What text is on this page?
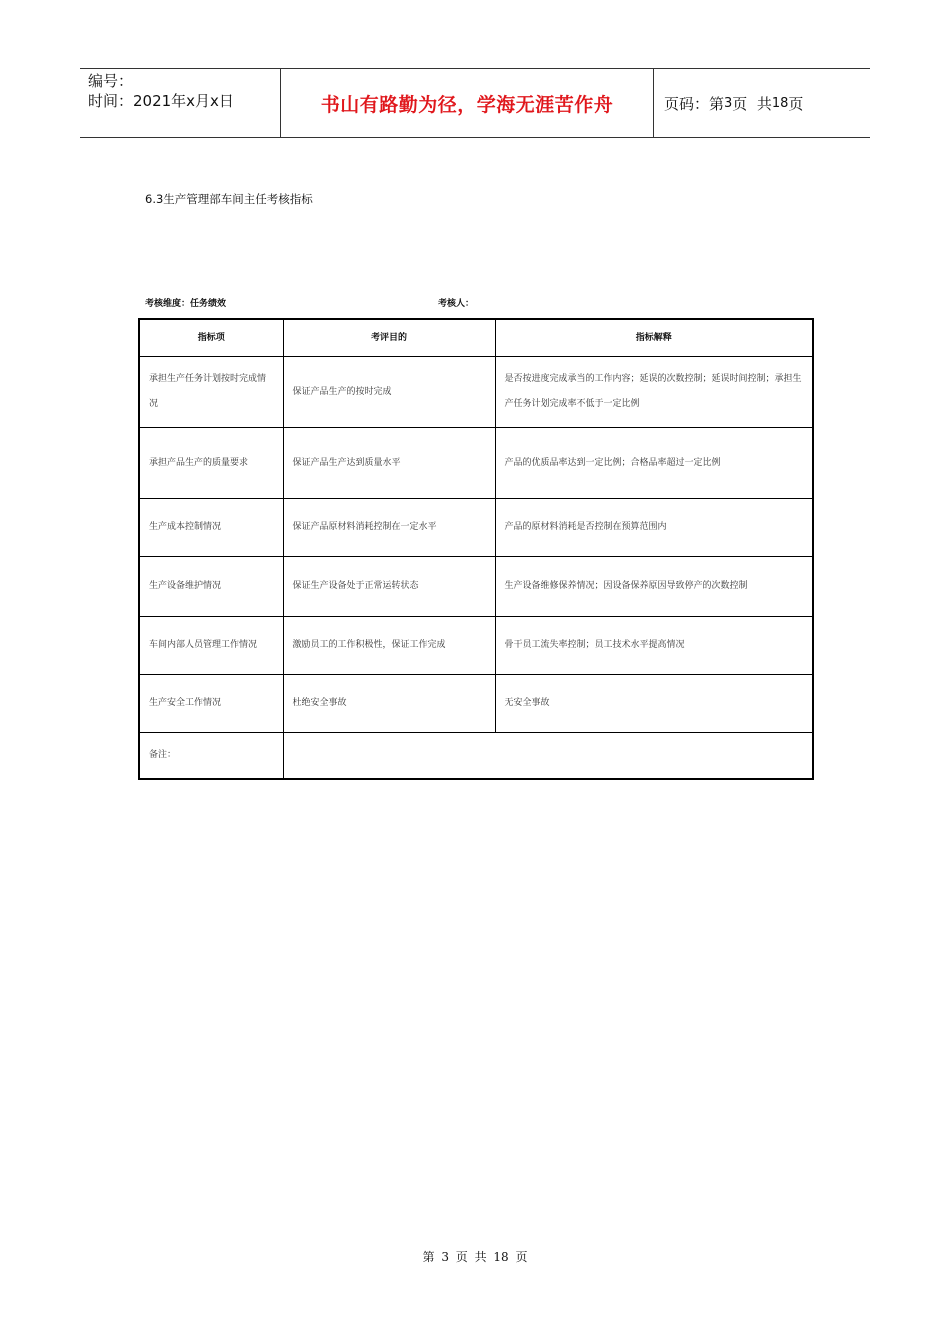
编号：
时间：2021年x月x日	书山有路勤为径，学海无涯苦作舟	页码：第 3 页  共 18 页
6.3生产管理部车间主任考核指标
考核维度：任务绩效	考核人：
指标项	考评目的	指标解释
承担生产任务计划按时完成情况	保证产品生产的按时完成	是否按进度完成承当的工作内容；延误的次数控制；延误时间控制；承担生产任务计划完成率不低于一定比例
承担产品生产的质量要求	保证产品生产达到质量水平	产品的优质品率达到一定比例；合格品率超过一定比例
生产成本控制情况	保证产品原材料消耗控制在一定水平	产品的原材料消耗是否控制在预算范围内
生产设备维护情况	保证生产设备处于正常运转状态	生产设备维修保养情况；因设备保养原因导致停产的次数控制
车间内部人员管理工作情况	激励员工的工作积极性，保证工作完成	骨干员工流失率控制；员工技术水平提高情况
生产安全工作情况	杜绝安全事故	无安全事故
备注：		
第 3 页 共 18 页
